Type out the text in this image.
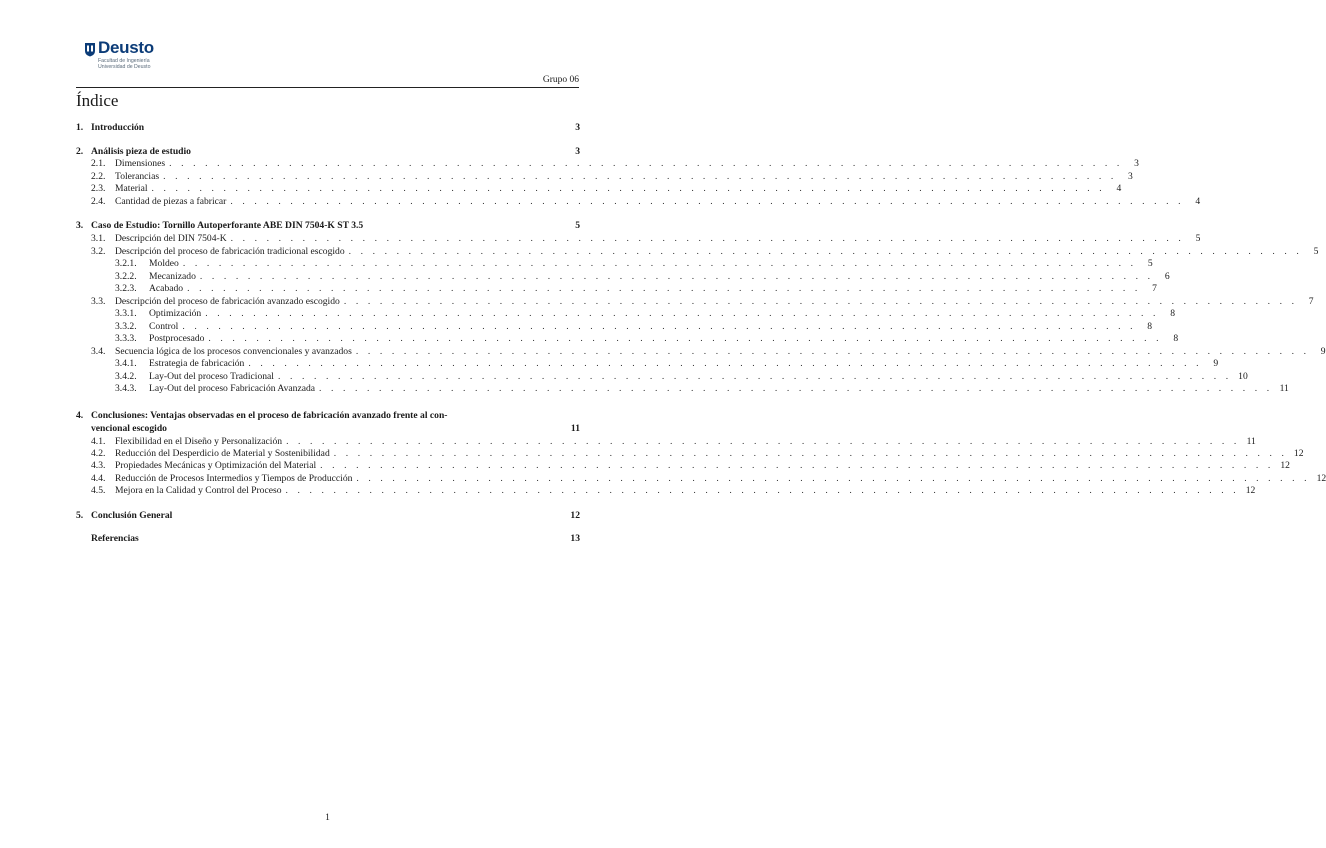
Deusto
Facultad de Ingeniería
Universidad de Deusto
Grupo 06
Índice
1. Introducción	3
2. Análisis pieza de estudio	3
2.1.	Dimensiones . . . . . . . . . . . . . . . . . . . . . . . . . . . . . . . . . . . . . . . . . . . . . . . . . . . . . . . . . . . . . . . . . . . . . . . . . . . . . . . .	3
2.2.	Tolerancias . . . . . . . . . . . . . . . . . . . . . . . . . . . . . . . . . . . . . . . . . . . . . . . . . . . . . . . . . . . . . . . . . . . . . . . . . . . . . . . .	3
2.3.	Material . . . . . . . . . . . . . . . . . . . . . . . . . . . . . . . . . . . . . . . . . . . . . . . . . . . . . . . . . . . . . . . . . . . . . . . . . . . . . . . .	4
2.4.	Cantidad de piezas a fabricar . . . . . . . . . . . . . . . . . . . . . . . . . . . . . . . . . . . . . . . . . . . . . . . . . . . . . . . . . . . . . . . . . . . . . . . . . . . . . . . .	4
3. Caso de Estudio: Tornillo Autoperforante ABE DIN 7504-K ST 3.5	5
3.1.	Descripción del DIN 7504-K . . . . . . . . . . . . . . . . . . . . . . . . . . . . . . . . . . . . . . . . . . . . . . . . . . . . . . . . . . . . . . . . . . . . . . . . . . . . . . . .	5
3.2.	Descripción del proceso de fabricación tradicional escogido . . . . . . . . . . . . . . . . . . . . . . . . . . . . . . . . . . . . . . . . . . . . . . . . . . . . . . . . . . . . . . . . . . . . . . . . . . . . . . . .	5
3.2.1.	Moldeo . . . . . . . . . . . . . . . . . . . . . . . . . . . . . . . . . . . . . . . . . . . . . . . . . . . . . . . . . . . . . . . . . . . . . . . . . . . . . . . .	5
3.2.2.	Mecanizado . . . . . . . . . . . . . . . . . . . . . . . . . . . . . . . . . . . . . . . . . . . . . . . . . . . . . . . . . . . . . . . . . . . . . . . . . . . . . . . .	6
3.2.3.	Acabado . . . . . . . . . . . . . . . . . . . . . . . . . . . . . . . . . . . . . . . . . . . . . . . . . . . . . . . . . . . . . . . . . . . . . . . . . . . . . . . .	7
3.3.	Descripción del proceso de fabricación avanzado escogido . . . . . . . . . . . . . . . . . . . . . . . . . . . . . . . . . . . . . . . . . . . . . . . . . . . . . . . . . . . . . . . . . . . . . . . . . . . . . . . .	7
3.3.1.	Optimización . . . . . . . . . . . . . . . . . . . . . . . . . . . . . . . . . . . . . . . . . . . . . . . . . . . . . . . . . . . . . . . . . . . . . . . . . . . . . . . .	8
3.3.2.	Control . . . . . . . . . . . . . . . . . . . . . . . . . . . . . . . . . . . . . . . . . . . . . . . . . . . . . . . . . . . . . . . . . . . . . . . . . . . . . . . .	8
3.3.3.	Postprocesado . . . . . . . . . . . . . . . . . . . . . . . . . . . . . . . . . . . . . . . . . . . . . . . . . . . . . . . . . . . . . . . . . . . . . . . . . . . . . . . .	8
3.4.	Secuencia lógica de los procesos convencionales y avanzados . . . . . . . . . . . . . . . . . . . . . . . . . . . . . . . . . . . . . . . . . . . . . . . . . . . . . . . . . . . . . . . . . . . . . . . . . . . . . . . .	9
3.4.1.	Estrategia de fabricación . . . . . . . . . . . . . . . . . . . . . . . . . . . . . . . . . . . . . . . . . . . . . . . . . . . . . . . . . . . . . . . . . . . . . . . . . . . . . . . .	9
3.4.2.	Lay-Out del proceso Tradicional . . . . . . . . . . . . . . . . . . . . . . . . . . . . . . . . . . . . . . . . . . . . . . . . . . . . . . . . . . . . . . . . . . . . . . . . . . . . . . . . 10
3.4.3.	Lay-Out del proceso Fabricación Avanzada . . . . . . . . . . . . . . . . . . . . . . . . . . . . . . . . . . . . . . . . . . . . . . . . . . . . . . . . . . . . . . . . . . . . . . . . . . . . . . . . 11
4. Conclusiones: Ventajas observadas en el proceso de fabricación avanzado frente al con-
vencional escogido	11
4.1.	Flexibilidad en el Diseño y Personalización . . . . . . . . . . . . . . . . . . . . . . . . . . . . . . . . . . . . . . . . . . . . . . . . . . . . . . . . . . . . . . . . . . . . . . . . . . . . . . . . 11
4.2.	Reducción del Desperdicio de Material y Sostenibilidad . . . . . . . . . . . . . . . . . . . . . . . . . . . . . . . . . . . . . . . . . . . . . . . . . . . . . . . . . . . . . . . . . . . . . . . . . . . . . . . . 12
4.3.	Propiedades Mecánicas y Optimización del Material . . . . . . . . . . . . . . . . . . . . . . . . . . . . . . . . . . . . . . . . . . . . . . . . . . . . . . . . . . . . . . . . . . . . . . . . . . . . . . . . 12
4.4.	Reducción de Procesos Intermedios y Tiempos de Producción . . . . . . . . . . . . . . . . . . . . . . . . . . . . . . . . . . . . . . . . . . . . . . . . . . . . . . . . . . . . . . . . . . . . . . . . . . . . . . . . 12
4.5.	Mejora en la Calidad y Control del Proceso . . . . . . . . . . . . . . . . . . . . . . . . . . . . . . . . . . . . . . . . . . . . . . . . . . . . . . . . . . . . . . . . . . . . . . . . . . . . . . . . 12
5. Conclusión General	12
Referencias	13
1
